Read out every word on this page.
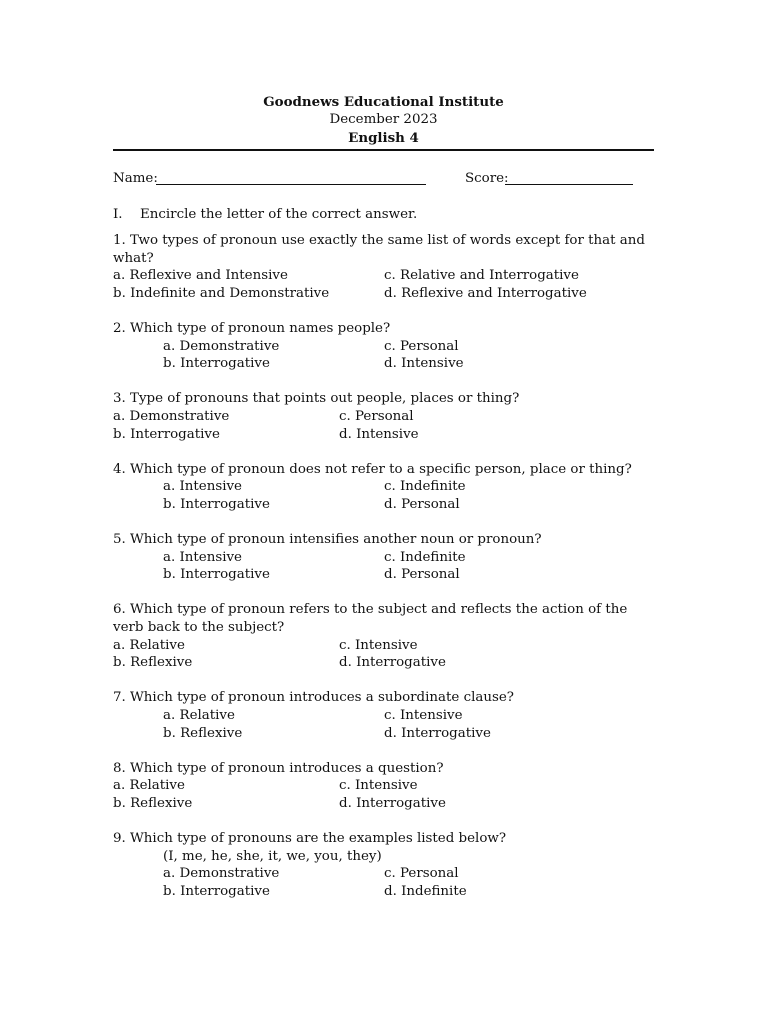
Goodnews Educational Institute
December 2023
English 4
Name:	Score:
I. Encircle the letter of the correct answer.
1. Two types of pronoun use exactly the same list of words except for that and what?
a. Reflexive and Intensive	c. Relative and Interrogative
b. Indefinite and Demonstrative	d. Reflexive and Interrogative
2. Which type of pronoun names people?
a. Demonstrative	c. Personal
b. Interrogative	d. Intensive
3. Type of pronouns that points out people, places or thing?
a. Demonstrative	c. Personal
b. Interrogative	d. Intensive
4. Which type of pronoun does not refer to a specific person, place or thing?
a. Intensive	c. Indefinite
b. Interrogative	d. Personal
5. Which type of pronoun intensifies another noun or pronoun?
a. Intensive	c. Indefinite
b. Interrogative	d. Personal
6. Which type of pronoun refers to the subject and reflects the action of the verb back to the subject?
a. Relative	c. Intensive
b. Reflexive	d. Interrogative
7. Which type of pronoun introduces a subordinate clause?
a. Relative	c. Intensive
b. Reflexive	d. Interrogative
8. Which type of pronoun introduces a question?
a. Relative	c. Intensive
b. Reflexive	d. Interrogative
9. Which type of pronouns are the examples listed below?
(I, me, he, she, it, we, you, they)
a. Demonstrative	c. Personal
b. Interrogative	d. Indefinite
